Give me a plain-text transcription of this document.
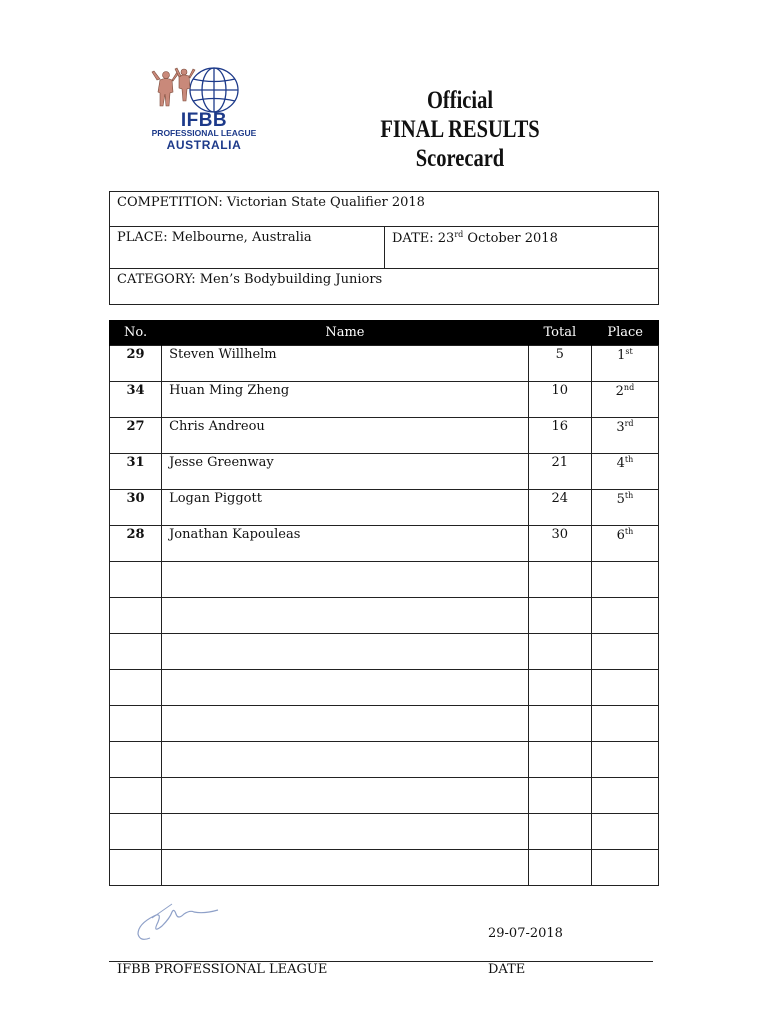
IFBB
PROFESSIONAL LEAGUE
AUSTRALIA
Official
FINAL RESULTS
Scorecard
COMPETITION: Victorian State Qualifier 2018
PLACE: Melbourne, Australia	DATE: 23rd October 2018
CATEGORY: Men’s Bodybuilding Juniors
No.	Name	Total	Place
29	Steven Willhelm	5	1st
34	Huan Ming Zheng	10	2nd
27	Chris Andreou	16	3rd
31	Jesse Greenway	21	4th
30	Logan Piggott	24	5th
28	Jonathan Kapouleas	30	6th

29-07-2018
IFBB PROFESSIONAL LEAGUE	DATE
